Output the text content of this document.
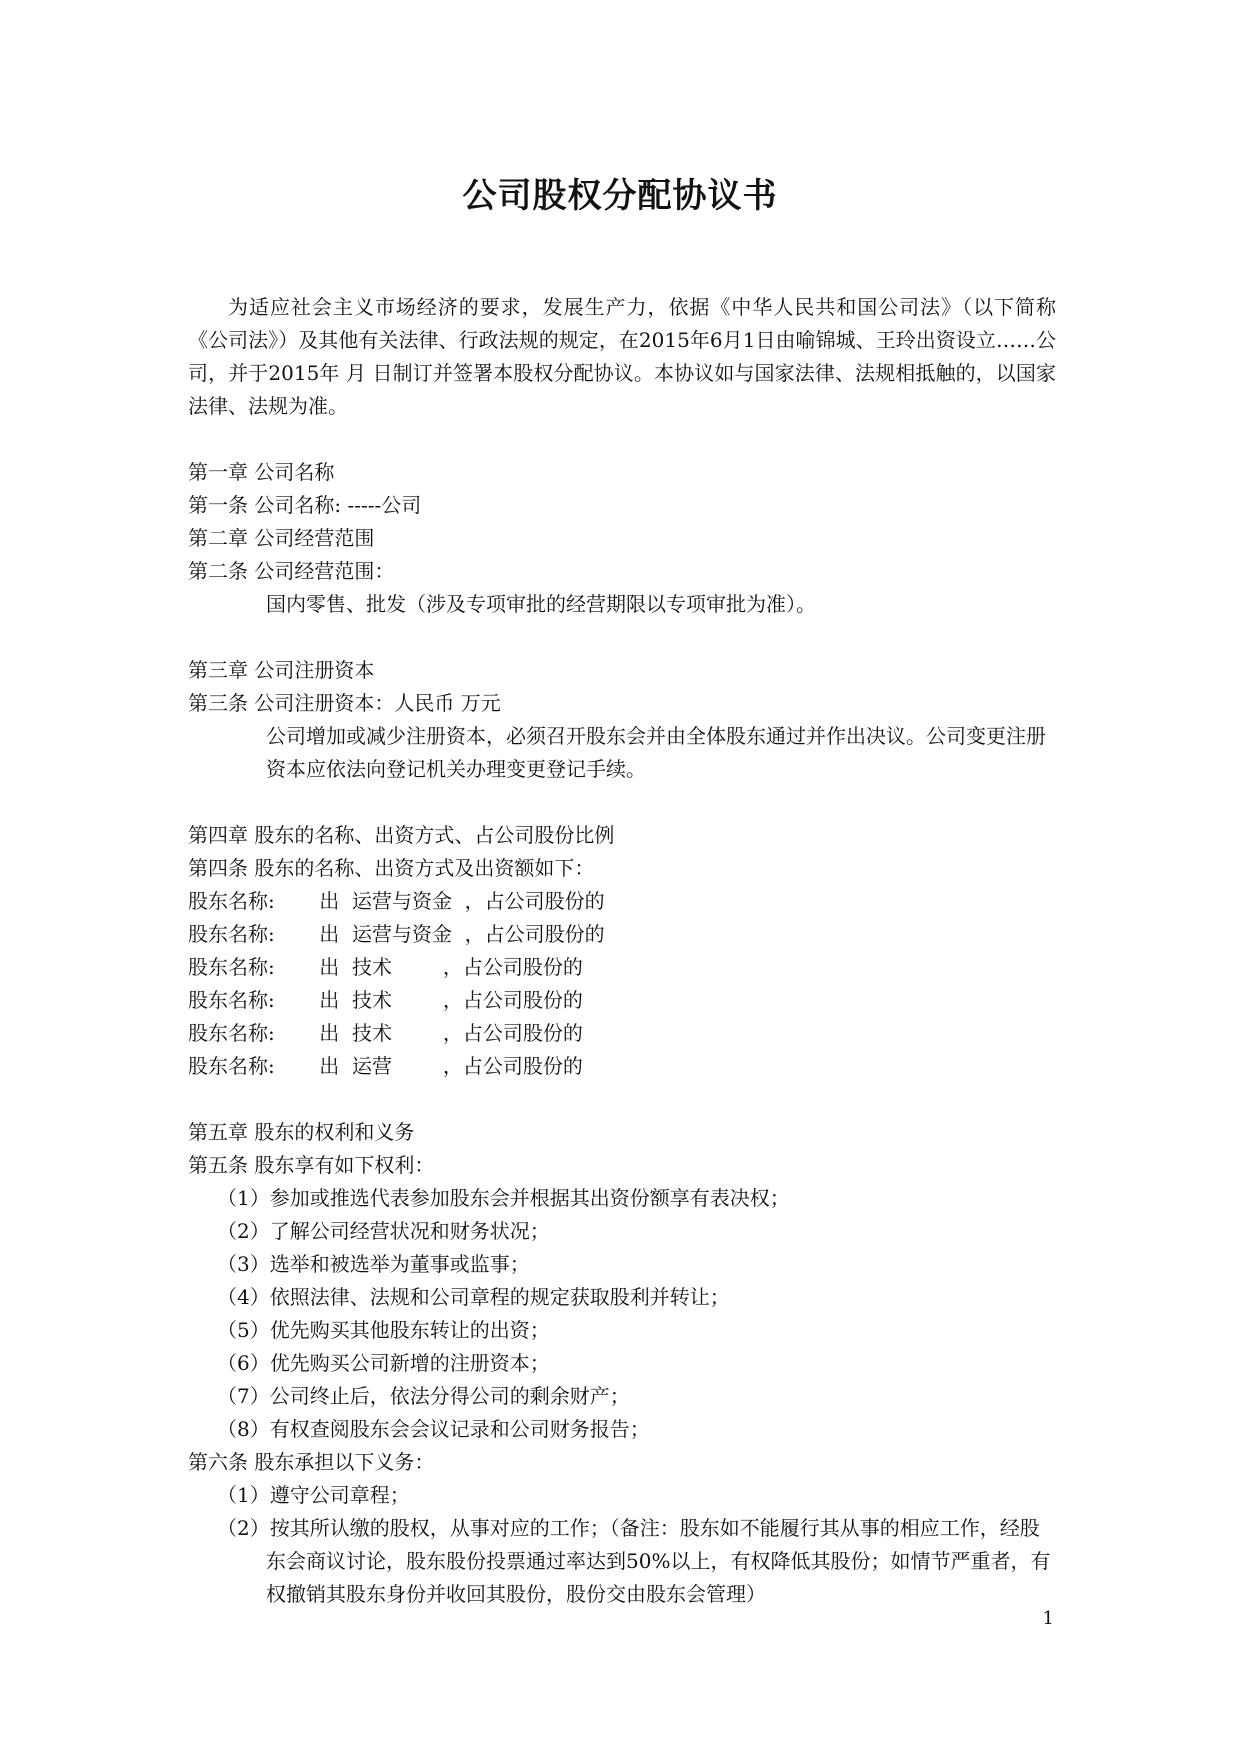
公司股权分配协议书

为适应社会主义市场经济的要求，发展生产力，依据《中华人民共和国公司法》（以下简称《公司法》）及其他有关法律、行政法规的规定，在2015年6月1日由喻锦城、王玲出资设立……公司，并于2015年 月 日制订并签署本股权分配协议。本协议如与国家法律、法规相抵触的，以国家法律、法规为准。

第一章 公司名称

第一条 公司名称: -----公司

第二章 公司经营范围

第二条 公司经营范围：

国内零售、批发（涉及专项审批的经营期限以专项审批为准）。

第三章 公司注册资本

第三条 公司注册资本：人民币 万元

公司增加或减少注册资本，必须召开股东会并由全体股东通过并作出决议。公司变更注册资本应依法向登记机关办理变更登记手续。

第四章 股东的名称、出资方式、占公司股份比例

第四条 股东的名称、出资方式及出资额如下：

股东名称:       出  运营与资金  ，占公司股份的

股东名称:       出  运营与资金  ，占公司股份的

股东名称:       出  技术        ，占公司股份的

股东名称:       出  技术        ，占公司股份的

股东名称:       出  技术        ，占公司股份的

股东名称:       出  运营        ，占公司股份的

第五章 股东的权利和义务

第五条 股东享有如下权利：

（1）参加或推选代表参加股东会并根据其出资份额享有表决权；

（2）了解公司经营状况和财务状况；

（3）选举和被选举为董事或监事；

（4）依照法律、法规和公司章程的规定获取股利并转让；

（5）优先购买其他股东转让的出资；

（6）优先购买公司新增的注册资本；

（7）公司终止后，依法分得公司的剩余财产；

（8）有权查阅股东会会议记录和公司财务报告；

第六条 股东承担以下义务：

（1）遵守公司章程；

（2）按其所认缴的股权，从事对应的工作；（备注：股东如不能履行其从事的相应工作，经股东会商议讨论，股东股份投票通过率达到50%以上，有权降低其股份；如情节严重者，有权撤销其股东身份并收回其股份，股份交由股东会管理）

1
